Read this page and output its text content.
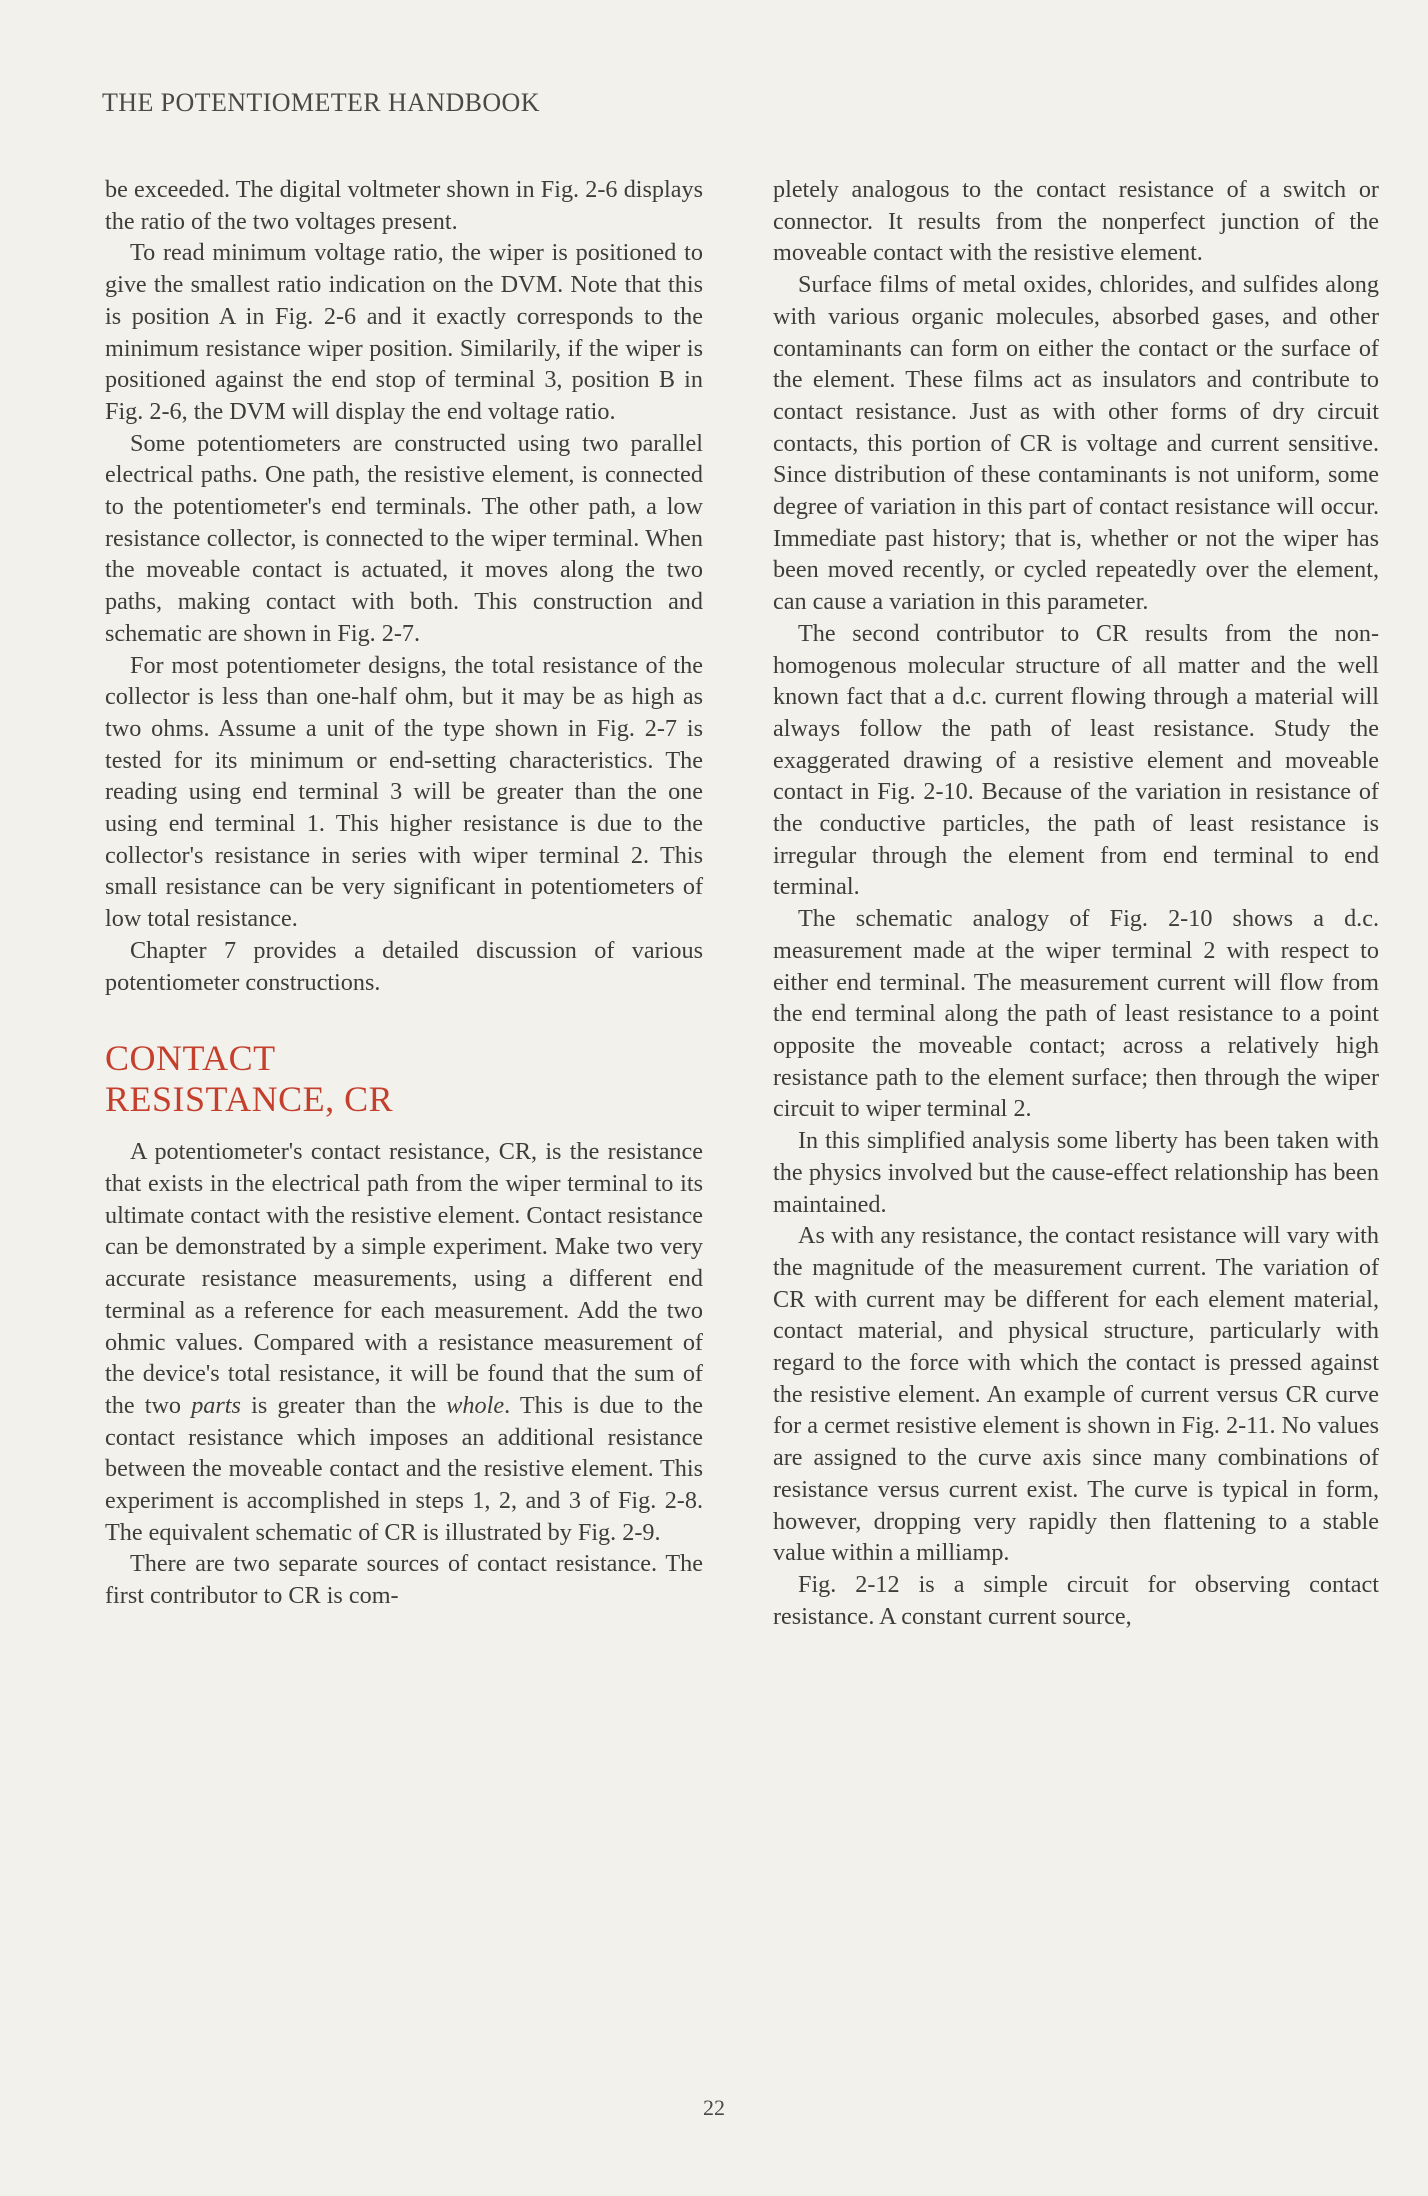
THE POTENTIOMETER HANDBOOK

be exceeded. The digital voltmeter shown in Fig. 2-6 displays the ratio of the two voltages present.

To read minimum voltage ratio, the wiper is positioned to give the smallest ratio indication on the DVM. Note that this is position A in Fig. 2-6 and it exactly corresponds to the minimum resistance wiper position. Similarily, if the wiper is positioned against the end stop of terminal 3, position B in Fig. 2-6, the DVM will display the end voltage ratio.

Some potentiometers are constructed using two parallel electrical paths. One path, the resistive element, is connected to the potentiometer's end terminals. The other path, a low resistance collector, is connected to the wiper terminal. When the moveable contact is actuated, it moves along the two paths, making contact with both. This construction and schematic are shown in Fig. 2-7.

For most potentiometer designs, the total resistance of the collector is less than one-half ohm, but it may be as high as two ohms. Assume a unit of the type shown in Fig. 2-7 is tested for its minimum or end-setting characteristics. The reading using end terminal 3 will be greater than the one using end terminal 1. This higher resistance is due to the collector's resistance in series with wiper terminal 2. This small resistance can be very significant in potentiometers of low total resistance.

Chapter 7 provides a detailed discussion of various potentiometer constructions.

CONTACT
RESISTANCE, CR

A potentiometer's contact resistance, CR, is the resistance that exists in the electrical path from the wiper terminal to its ultimate contact with the resistive element. Contact resistance can be demonstrated by a simple experiment. Make two very accurate resistance measurements, using a different end terminal as a reference for each measurement. Add the two ohmic values. Compared with a resistance measurement of the device's total resistance, it will be found that the sum of the two parts is greater than the whole. This is due to the contact resistance which imposes an additional resistance between the moveable contact and the resistive element. This experiment is accomplished in steps 1, 2, and 3 of Fig. 2-8. The equivalent schematic of CR is illustrated by Fig. 2-9.

There are two separate sources of contact resistance. The first contributor to CR is com-

pletely analogous to the contact resistance of a switch or connector. It results from the nonperfect junction of the moveable contact with the resistive element.

Surface films of metal oxides, chlorides, and sulfides along with various organic molecules, absorbed gases, and other contaminants can form on either the contact or the surface of the element. These films act as insulators and contribute to contact resistance. Just as with other forms of dry circuit contacts, this portion of CR is voltage and current sensitive. Since distribution of these contaminants is not uniform, some degree of variation in this part of contact resistance will occur. Immediate past history; that is, whether or not the wiper has been moved recently, or cycled repeatedly over the element, can cause a variation in this parameter.

The second contributor to CR results from the non-homogenous molecular structure of all matter and the well known fact that a d.c. current flowing through a material will always follow the path of least resistance. Study the exaggerated drawing of a resistive element and moveable contact in Fig. 2-10. Because of the variation in resistance of the conductive particles, the path of least resistance is irregular through the element from end terminal to end terminal.

The schematic analogy of Fig. 2-10 shows a d.c. measurement made at the wiper terminal 2 with respect to either end terminal. The measurement current will flow from the end terminal along the path of least resistance to a point opposite the moveable contact; across a relatively high resistance path to the element surface; then through the wiper circuit to wiper terminal 2.

In this simplified analysis some liberty has been taken with the physics involved but the cause-effect relationship has been maintained.

As with any resistance, the contact resistance will vary with the magnitude of the measurement current. The variation of CR with current may be different for each element material, contact material, and physical structure, particularly with regard to the force with which the contact is pressed against the resistive element. An example of current versus CR curve for a cermet resistive element is shown in Fig. 2-11. No values are assigned to the curve axis since many combinations of resistance versus current exist. The curve is typical in form, however, dropping very rapidly then flattening to a stable value within a milliamp.

Fig. 2-12 is a simple circuit for observing contact resistance. A constant current source,

22
